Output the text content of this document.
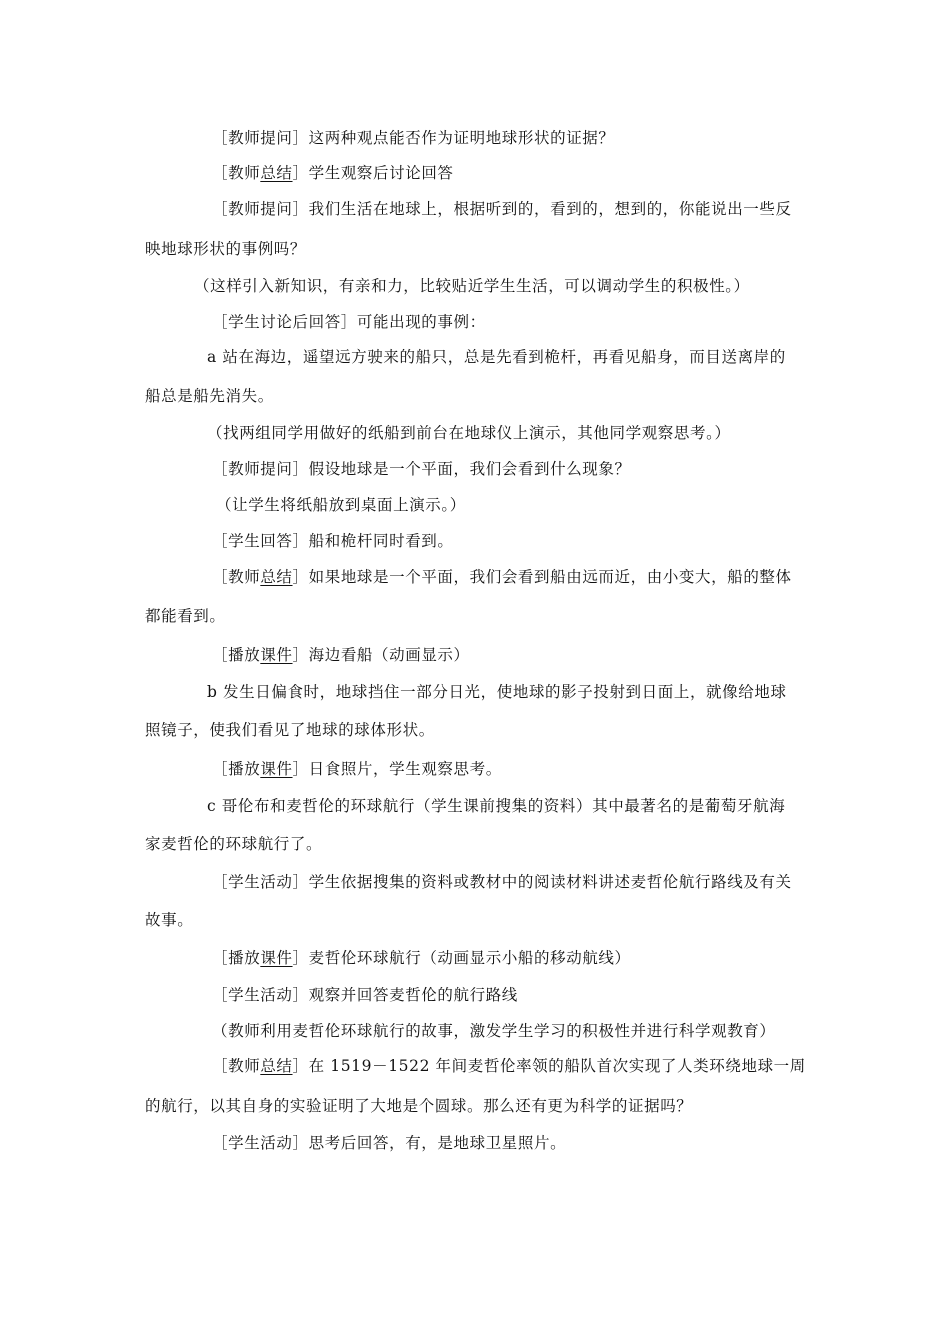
［教师提问］这两种观点能否作为证明地球形状的证据？
［教师总结］学生观察后讨论回答
［教师提问］我们生活在地球上，根据听到的，看到的，想到的，你能说出一些反
映地球形状的事例吗？
（这样引入新知识，有亲和力，比较贴近学生生活，可以调动学生的积极性。）
［学生讨论后回答］可能出现的事例：
a 站在海边，遥望远方驶来的船只，总是先看到桅杆，再看见船身，而目送离岸的
船总是船先消失。
（找两组同学用做好的纸船到前台在地球仪上演示，其他同学观察思考。）
［教师提问］假设地球是一个平面，我们会看到什么现象？
（让学生将纸船放到桌面上演示。）
［学生回答］船和桅杆同时看到。
［教师总结］如果地球是一个平面，我们会看到船由远而近，由小变大，船的整体
都能看到。
［播放课件］海边看船（动画显示）
b 发生日偏食时，地球挡住一部分日光，使地球的影子投射到日面上，就像给地球
照镜子，使我们看见了地球的球体形状。
［播放课件］日食照片，学生观察思考。
c 哥伦布和麦哲伦的环球航行（学生课前搜集的资料）其中最著名的是葡萄牙航海
家麦哲伦的环球航行了。
［学生活动］学生依据搜集的资料或教材中的阅读材料讲述麦哲伦航行路线及有关
故事。
［播放课件］麦哲伦环球航行（动画显示小船的移动航线）
［学生活动］观察并回答麦哲伦的航行路线
（教师利用麦哲伦环球航行的故事，激发学生学习的积极性并进行科学观教育）
［教师总结］在 1519－1522 年间麦哲伦率领的船队首次实现了人类环绕地球一周
的航行，以其自身的实验证明了大地是个圆球。那么还有更为科学的证据吗？
［学生活动］思考后回答，有，是地球卫星照片。
